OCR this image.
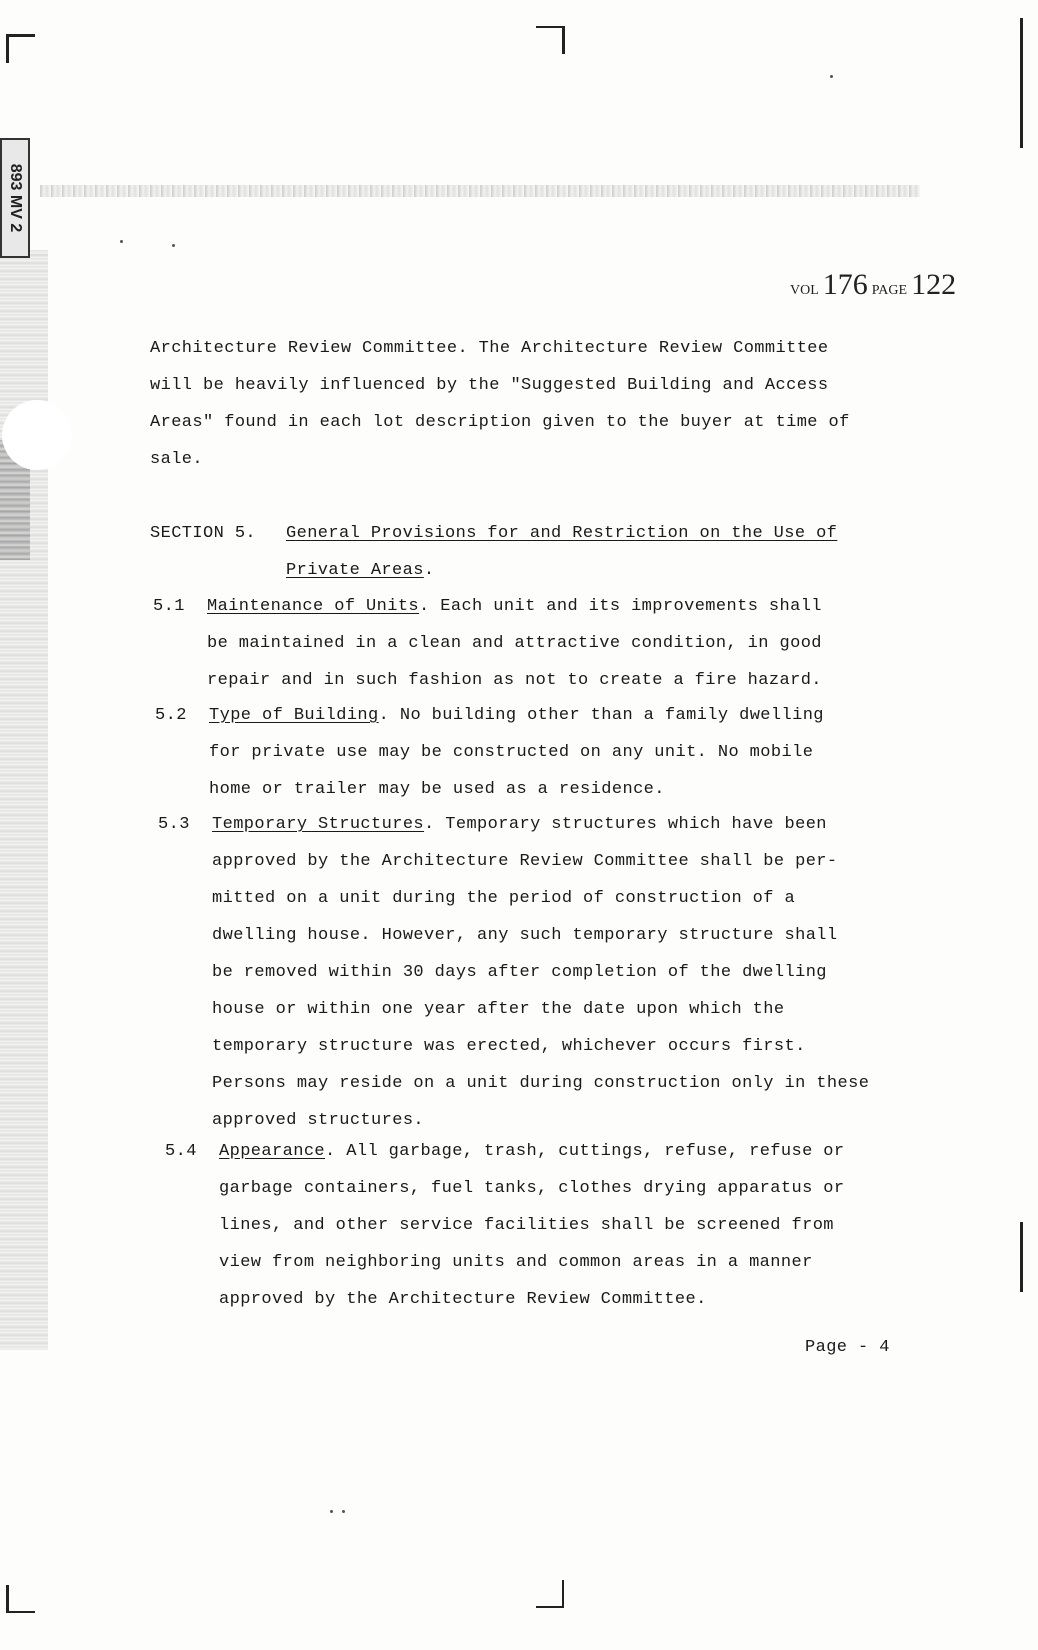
893 MV 2
VOL 176 PAGE 122
Architecture Review Committee. The Architecture Review Committee
will be heavily influenced by the "Suggested Building and Access
Areas" found in each lot description given to the buyer at time of
sale.
SECTION 5. General Provisions for and Restriction on the Use of
Private Areas.
5.1 Maintenance of Units. Each unit and its improvements shall
be maintained in a clean and attractive condition, in good
repair and in such fashion as not to create a fire hazard.
5.2 Type of Building. No building other than a family dwelling
for private use may be constructed on any unit. No mobile
home or trailer may be used as a residence.
5.3 Temporary Structures. Temporary structures which have been
approved by the Architecture Review Committee shall be per-
mitted on a unit during the period of construction of a
dwelling house. However, any such temporary structure shall
be removed within 30 days after completion of the dwelling
house or within one year after the date upon which the
temporary structure was erected, whichever occurs first.
Persons may reside on a unit during construction only in these
approved structures.
5.4 Appearance. All garbage, trash, cuttings, refuse, refuse or
garbage containers, fuel tanks, clothes drying apparatus or
lines, and other service facilities shall be screened from
view from neighboring units and common areas in a manner
approved by the Architecture Review Committee.
Page - 4
